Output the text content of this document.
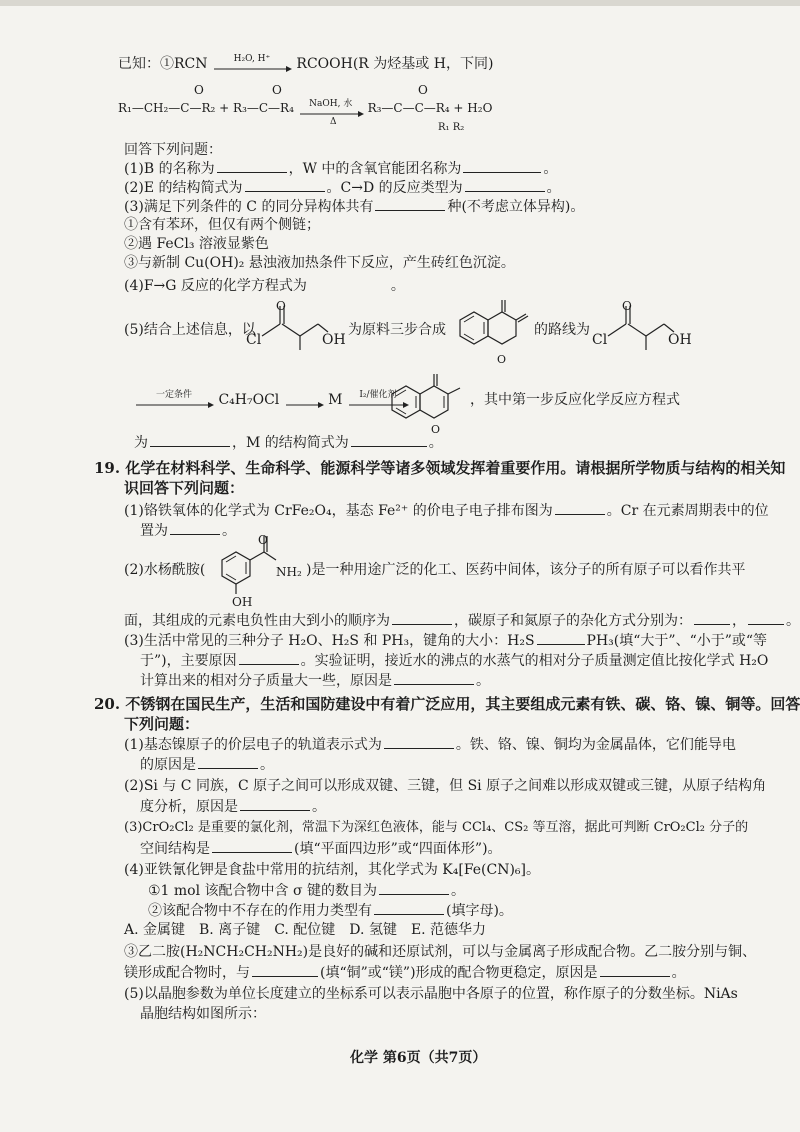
已知：①RCN	H₂O, H⁺	RCOOH(R 为烃基或 H，下同)
O	O	O
R₁—CH₂—C—R₂ + R₃—C—R₄	NaOH, 水	R₃—C—C—R₄ + H₂O
Δ	R₁ R₂
回答下列问题：
(1)B 的名称为	，W 中的含氧官能团名称为	。
(2)E 的结构简式为	。C→D 的反应类型为	。
(3)满足下列条件的 C 的同分异构体共有	种(不考虑立体异构)。
①含有苯环，但仅有两个侧链；
②遇 FeCl₃ 溶液显紫色
③与新制 Cu(OH)₂ 悬浊液加热条件下反应，产生砖红色沉淀。
(4)F→G 反应的化学方程式为	。
(5)结合上述信息，以
Cl
O
OH
为原料三步合成
O
的路线为
Cl
O
OH
一定条件	C₄H₇OCl	M	I₂/催化剂
O
，其中第一步反应化学反应方程式
为	，M 的结构简式为	。
19. 化学在材料科学、生命科学、能源科学等诸多领域发挥着重要作用。请根据所学物质与结构的相关知
识回答下列问题：
(1)铬铁氧体的化学式为 CrFe₂O₄，基态 Fe²⁺ 的价电子电子排布图为	。Cr 在元素周期表中的位
置为	。
(2)水杨酰胺(
O
NH₂
OH
)是一种用途广泛的化工、医药中间体，该分子的所有原子可以看作共平
面，其组成的元素电负性由大到小的顺序为	，碳原子和氮原子的杂化方式分别为：	，	。
(3)生活中常见的三种分子 H₂O、H₂S 和 PH₃，键角的大小：H₂S	PH₃(填“大于”、“小于”或“等
于”)，主要原因	。实验证明，接近水的沸点的水蒸气的相对分子质量测定值比按化学式 H₂O
计算出来的相对分子质量大一些，原因是	。
20. 不锈钢在国民生产，生活和国防建设中有着广泛应用，其主要组成元素有铁、碳、铬、镍、铜等。回答
下列问题：
(1)基态镍原子的价层电子的轨道表示式为	。铁、铬、镍、铜均为金属晶体，它们能导电
的原因是	。
(2)Si 与 C 同族，C 原子之间可以形成双键、三键，但 Si 原子之间难以形成双键或三键，从原子结构角
度分析，原因是	。
(3)CrO₂Cl₂ 是重要的氯化剂，常温下为深红色液体，能与 CCl₄、CS₂ 等互溶，据此可判断 CrO₂Cl₂ 分子的
空间结构是	(填“平面四边形”或“四面体形”)。
(4)亚铁氰化钾是食盐中常用的抗结剂，其化学式为 K₄[Fe(CN)₆]。
①1 mol 该配合物中含 σ 键的数目为	。
②该配合物中不存在的作用力类型有	(填字母)。
A. 金属键　B. 离子键　C. 配位键　D. 氢键　E. 范德华力
③乙二胺(H₂NCH₂CH₂NH₂)是良好的碱和还原试剂，可以与金属离子形成配合物。乙二胺分别与铜、
镁形成配合物时，与	(填“铜”或“镁”)形成的配合物更稳定，原因是	。
(5)以晶胞参数为单位长度建立的坐标系可以表示晶胞中各原子的位置，称作原子的分数坐标。NiAs
晶胞结构如图所示：
化学 第6页（共7页）
